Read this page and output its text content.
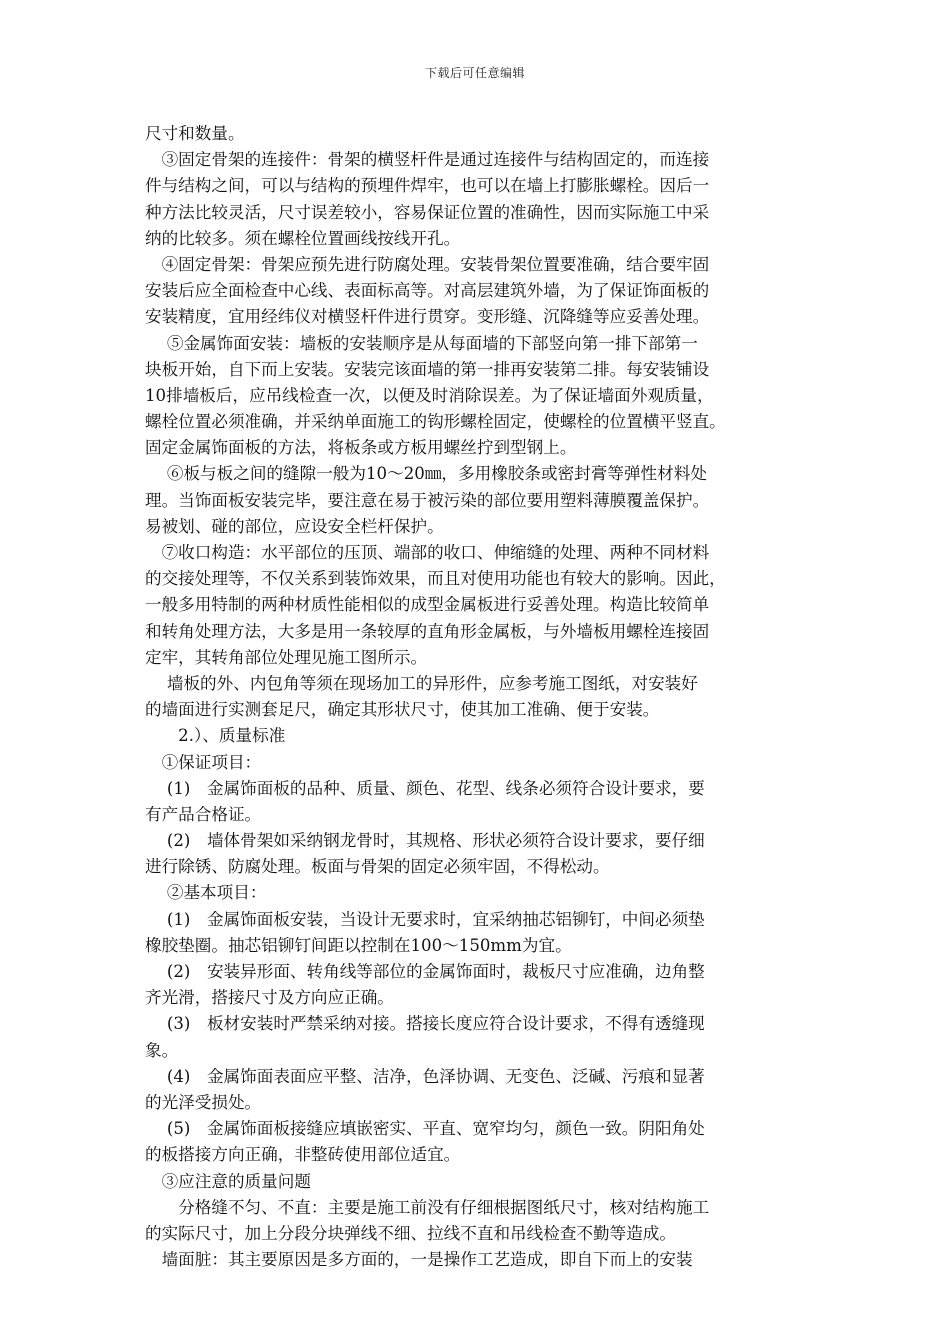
下载后可任意编辑
尺寸和数量。
　③固定骨架的连接件：骨架的横竖杆件是通过连接件与结构固定的，而连接
件与结构之间，可以与结构的预埋件焊牢，也可以在墙上打膨胀螺栓。因后一
种方法比较灵活，尺寸误差较小，容易保证位置的准确性，因而实际施工中采
纳的比较多。须在螺栓位置画线按线开孔。
　④固定骨架：骨架应预先进行防腐处理。安装骨架位置要准确，结合要牢固
安装后应全面检查中心线、表面标高等。对高层建筑外墙，为了保证饰面板的
安装精度，宜用经纬仪对横竖杆件进行贯穿。变形缝、沉降缝等应妥善处理。
　 ⑤金属饰面安装：墙板的安装顺序是从每面墙的下部竖向第一排下部第一
块板开始，自下而上安装。安装完该面墙的第一排再安装第二排。每安装铺设
10排墙板后，应吊线检查一次，以便及时消除误差。为了保证墙面外观质量，
螺栓位置必须准确，并采纳单面施工的钩形螺栓固定，使螺栓的位置横平竖直。
固定金属饰面板的方法，将板条或方板用螺丝拧到型钢上。
　 ⑥板与板之间的缝隙一般为10～20㎜，多用橡胶条或密封膏等弹性材料处
理。当饰面板安装完毕，要注意在易于被污染的部位要用塑料薄膜覆盖保护。
易被划、碰的部位，应设安全栏杆保护。
　⑦收口构造：水平部位的压顶、端部的收口、伸缩缝的处理、两种不同材料
的交接处理等，不仅关系到装饰效果，而且对使用功能也有较大的影响。因此，
一般多用特制的两种材质性能相似的成型金属板进行妥善处理。构造比较简单
和转角处理方法，大多是用一条较厚的直角形金属板，与外墙板用螺栓连接固
定牢，其转角部位处理见施工图所示。
　 墙板的外、内包角等须在现场加工的异形件，应参考施工图纸，对安装好
的墙面进行实测套足尺，确定其形状尺寸，使其加工准确、便于安装。
　　2.）、质量标准
　①保证项目：
　 (1)　金属饰面板的品种、质量、颜色、花型、线条必须符合设计要求，要
有产品合格证。
　 (2)　墙体骨架如采纳钢龙骨时，其规格、形状必须符合设计要求，要仔细
进行除锈、防腐处理。板面与骨架的固定必须牢固，不得松动。
　 ②基本项目：
　 (1)　金属饰面板安装，当设计无要求时，宜采纳抽芯铝铆钉，中间必须垫
橡胶垫圈。抽芯铝铆钉间距以控制在100～150mm为宜。
　 (2)　安装异形面、转角线等部位的金属饰面时，裁板尺寸应准确，边角整
齐光滑，搭接尺寸及方向应正确。
　 (3)　板材安装时严禁采纳对接。搭接长度应符合设计要求，不得有透缝现
象。
　 (4)　金属饰面表面应平整、洁净，色泽协调、无变色、泛碱、污痕和显著
的光泽受损处。
　 (5)　金属饰面板接缝应填嵌密实、平直、宽窄均匀，颜色一致。阴阳角处
的板搭接方向正确，非整砖使用部位适宜。
　③应注意的质量问题
　　分格缝不匀、不直：主要是施工前没有仔细根据图纸尺寸，核对结构施工
的实际尺寸，加上分段分块弹线不细、拉线不直和吊线检查不勤等造成。
　墙面脏：其主要原因是多方面的，一是操作工艺造成，即自下而上的安装
